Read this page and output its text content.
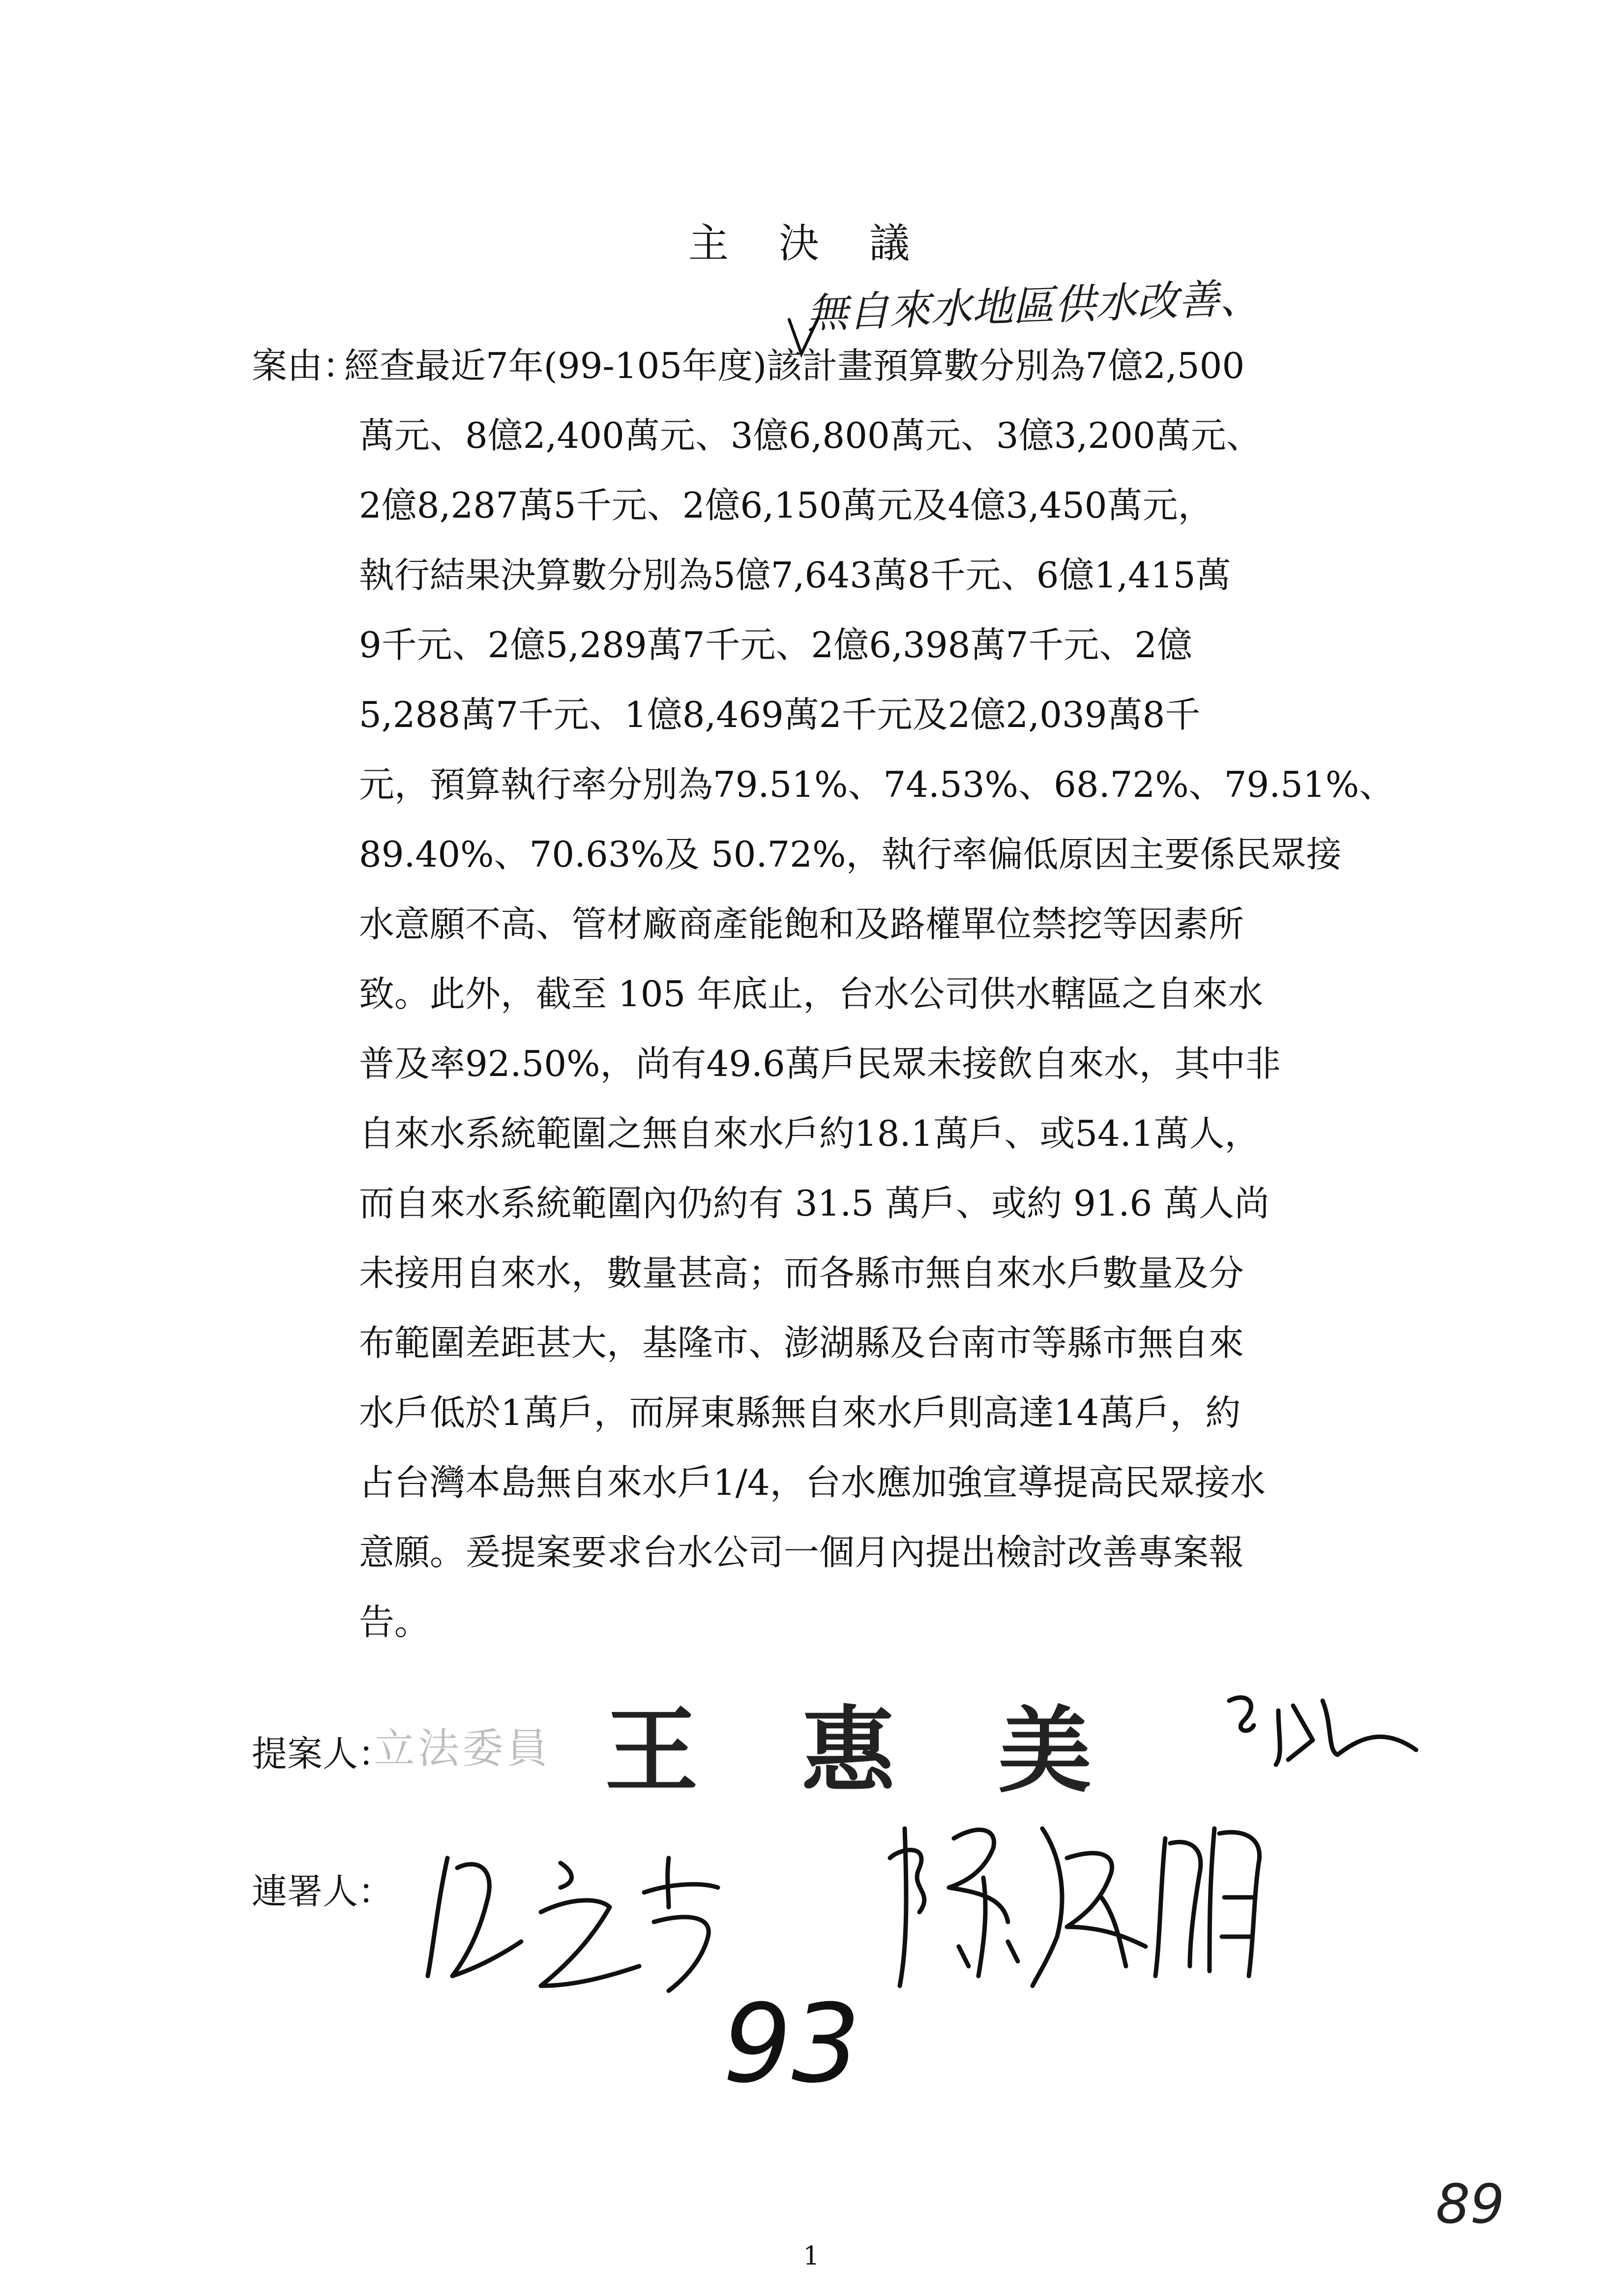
主 決 議
無自來水地區供水改善、
案由：
經查最近7年(99-105年度)該計畫預算數分別為7億2,500
萬元、8億2,400萬元、3億6,800萬元、3億3,200萬元、
2億8,287萬5千元、2億6,150萬元及4億3,450萬元，
執行結果決算數分別為5億7,643萬8千元、6億1,415萬
9千元、2億5,289萬7千元、2億6,398萬7千元、2億
5,288萬7千元、1億8,469萬2千元及2億2,039萬8千
元，預算執行率分別為79.51%、74.53%、68.72%、79.51%、
89.40%、70.63%及 50.72%，執行率偏低原因主要係民眾接
水意願不高、管材廠商產能飽和及路權單位禁挖等因素所
致。此外，截至 105 年底止，台水公司供水轄區之自來水
普及率92.50%，尚有49.6萬戶民眾未接飲自來水，其中非
自來水系統範圍之無自來水戶約18.1萬戶、或54.1萬人，
而自來水系統範圍內仍約有 31.5 萬戶、或約 91.6 萬人尚
未接用自來水，數量甚高；而各縣市無自來水戶數量及分
布範圍差距甚大，基隆市、澎湖縣及台南市等縣市無自來
水戶低於1萬戶，而屏東縣無自來水戶則高達14萬戶，約
占台灣本島無自來水戶1/4，台水應加強宣導提高民眾接水
意願。爰提案要求台水公司一個月內提出檢討改善專案報
告。
提案人：
立法委員 王惠美
連署人：
93
89
1
